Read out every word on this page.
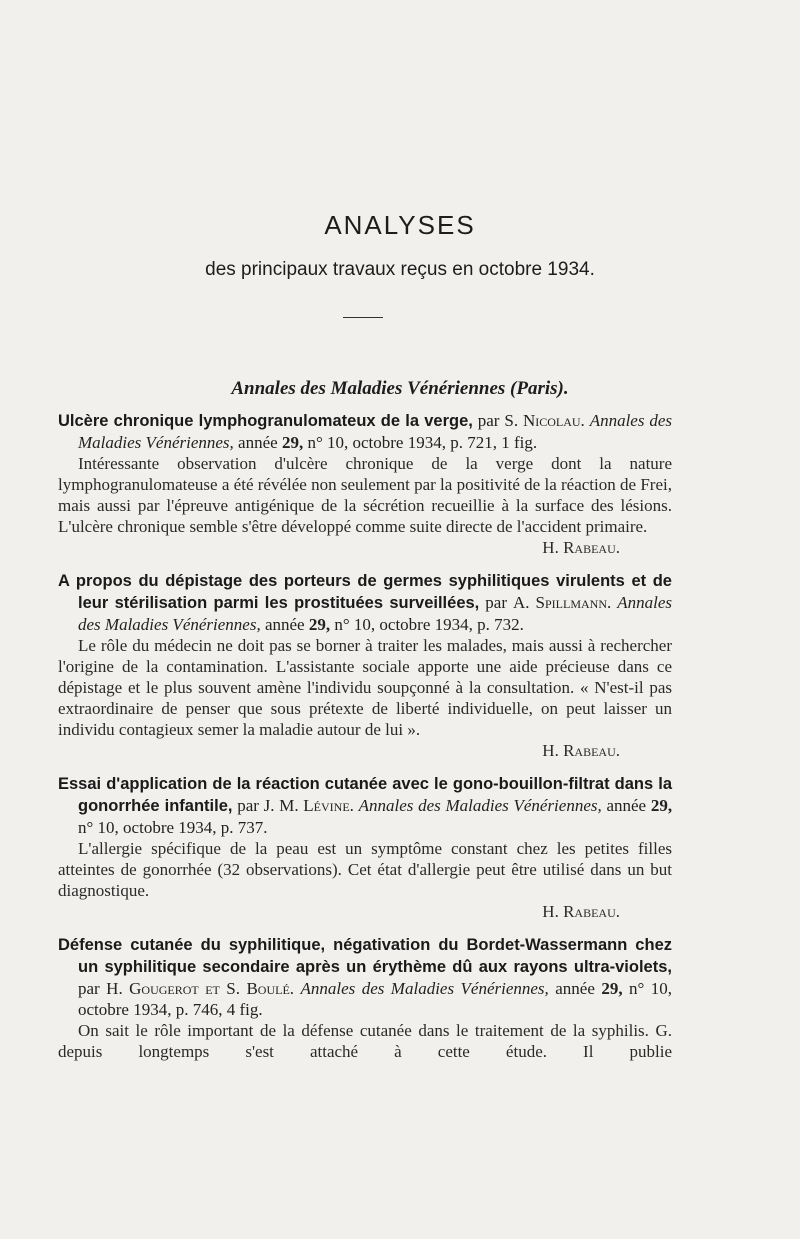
ANALYSES
des principaux travaux reçus en octobre 1934.
Annales des Maladies Vénériennes (Paris).
Ulcère chronique lymphogranulomateux de la verge, par S. Nicolau. Annales des Maladies Vénériennes, année 29, n° 10, octobre 1934, p. 721, 1 fig.

Intéressante observation d'ulcère chronique de la verge dont la nature lymphogranulomateuse a été révélée non seulement par la positivité de la réaction de Frei, mais aussi par l'épreuve antigénique de la sécrétion recueillie à la surface des lésions. L'ulcère chronique semble s'être développé comme suite directe de l'accident primaire.

H. Rabeau.

A propos du dépistage des porteurs de germes syphilitiques virulents et de leur stérilisation parmi les prostituées surveillées, par A. Spillmann. Annales des Maladies Vénériennes, année 29, n° 10, octobre 1934, p. 732.

Le rôle du médecin ne doit pas se borner à traiter les malades, mais aussi à rechercher l'origine de la contamination. L'assistante sociale apporte une aide précieuse dans ce dépistage et le plus souvent amène l'individu soupçonné à la consultation. « N'est-il pas extraordinaire de penser que sous prétexte de liberté individuelle, on peut laisser un individu contagieux semer la maladie autour de lui ».

H. Rabeau.

Essai d'application de la réaction cutanée avec le gono-bouillon-filtrat dans la gonorrhée infantile, par J. M. Lévine. Annales des Maladies Vénériennes, année 29, n° 10, octobre 1934, p. 737.

L'allergie spécifique de la peau est un symptôme constant chez les petites filles atteintes de gonorrhée (32 observations). Cet état d'allergie peut être utilisé dans un but diagnostique.

H. Rabeau.

Défense cutanée du syphilitique, négativation du Bordet-Wassermann chez un syphilitique secondaire après un érythème dû aux rayons ultra-violets, par H. Gougerot et S. Boulé. Annales des Maladies Vénériennes, année 29, n° 10, octobre 1934, p. 746, 4 fig.

On sait le rôle important de la défense cutanée dans le traitement de la syphilis. G. depuis longtemps s'est attaché à cette étude. Il publie
